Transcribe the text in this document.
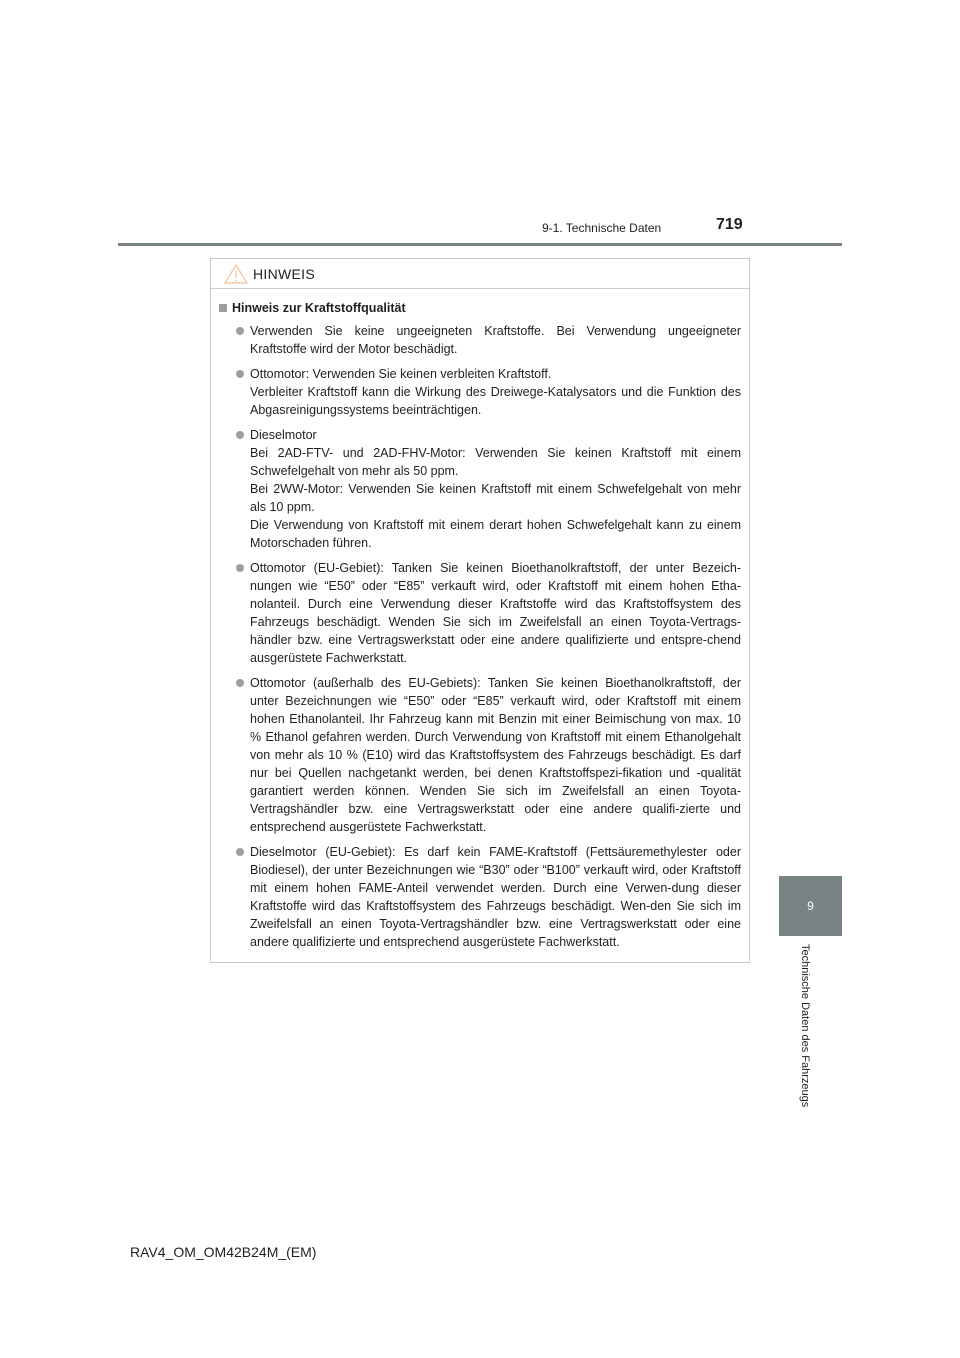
9-1. Technische Daten	719
9
Technische Daten des Fahrzeugs
HINWEIS
Hinweis zur Kraftstoffqualität
Verwenden Sie keine ungeeigneten Kraftstoffe. Bei Verwendung ungeeigneter Kraftstoffe wird der Motor beschädigt.
Ottomotor: Verwenden Sie keinen verbleiten Kraftstoff.
Verbleiter Kraftstoff kann die Wirkung des Dreiwege-Katalysators und die Funktion des Abgasreinigungssystems beeinträchtigen.
Dieselmotor
Bei 2AD-FTV- und 2AD-FHV-Motor: Verwenden Sie keinen Kraftstoff mit einem Schwefelgehalt von mehr als 50 ppm.
Bei 2WW-Motor: Verwenden Sie keinen Kraftstoff mit einem Schwefelgehalt von mehr als 10 ppm.
Die Verwendung von Kraftstoff mit einem derart hohen Schwefelgehalt kann zu einem Motorschaden führen.
Ottomotor (EU-Gebiet): Tanken Sie keinen Bioethanolkraftstoff, der unter Bezeich-nungen wie “E50” oder “E85” verkauft wird, oder Kraftstoff mit einem hohen Etha-nolanteil. Durch eine Verwendung dieser Kraftstoffe wird das Kraftstoffsystem des Fahrzeugs beschädigt. Wenden Sie sich im Zweifelsfall an einen Toyota-Vertrags-händler bzw. eine Vertragswerkstatt oder eine andere qualifizierte und entspre-chend ausgerüstete Fachwerkstatt.
Ottomotor (außerhalb des EU-Gebiets): Tanken Sie keinen Bioethanolkraftstoff, der unter Bezeichnungen wie “E50” oder “E85” verkauft wird, oder Kraftstoff mit einem hohen Ethanolanteil. Ihr Fahrzeug kann mit Benzin mit einer Beimischung von max. 10 % Ethanol gefahren werden. Durch Verwendung von Kraftstoff mit einem Ethanolgehalt von mehr als 10 % (E10) wird das Kraftstoffsystem des Fahrzeugs beschädigt. Es darf nur bei Quellen nachgetankt werden, bei denen Kraftstoffspezi-fikation und -qualität garantiert werden können. Wenden Sie sich im Zweifelsfall an einen Toyota-Vertragshändler bzw. eine Vertragswerkstatt oder eine andere qualifi-zierte und entsprechend ausgerüstete Fachwerkstatt.
Dieselmotor (EU-Gebiet): Es darf kein FAME-Kraftstoff (Fettsäuremethylester oder Biodiesel), der unter Bezeichnungen wie “B30” oder “B100” verkauft wird, oder Kraftstoff mit einem hohen FAME-Anteil verwendet werden. Durch eine Verwen-dung dieser Kraftstoffe wird das Kraftstoffsystem des Fahrzeugs beschädigt. Wen-den Sie sich im Zweifelsfall an einen Toyota-Vertragshändler bzw. eine Vertragswerkstatt oder eine andere qualifizierte und entsprechend ausgerüstete Fachwerkstatt.
RAV4_OM_OM42B24M_(EM)
